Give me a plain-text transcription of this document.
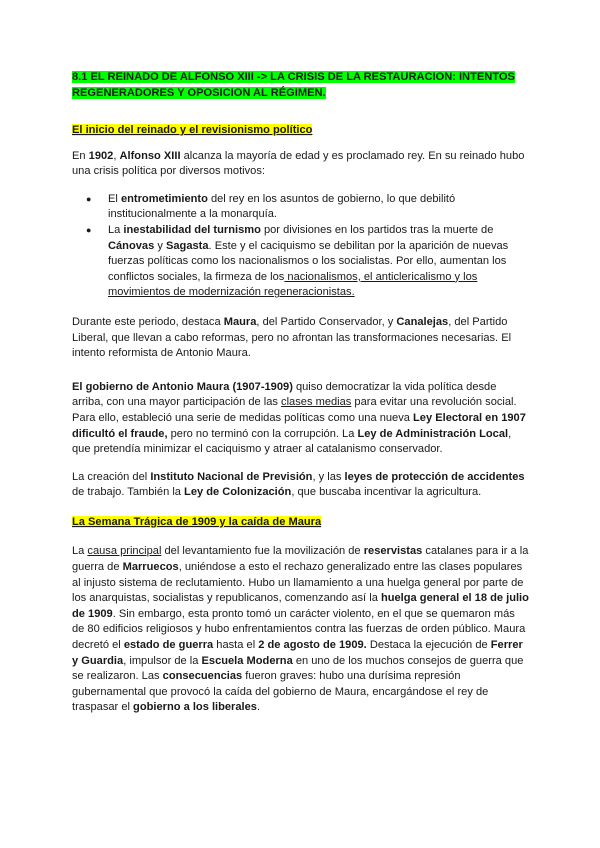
8.1 EL REINADO DE ALFONSO XIII -> LA CRISIS DE LA RESTAURACION: INTENTOS REGENERADORES Y OPOSICION AL RÉGIMEN.

El inicio del reinado y el revisionismo político

En 1902, Alfonso XIII alcanza la mayoría de edad y es proclamado rey. En su reinado hubo una crisis política por diversos motivos:

● El entrometimiento del rey en los asuntos de gobierno, lo que debilitó institucionalmente a la monarquía.
● La inestabilidad del turnismo por divisiones en los partidos tras la muerte de Cánovas y Sagasta. Este y el caciquismo se debilitan por la aparición de nuevas fuerzas políticas como los nacionalismos o los socialistas. Por ello, aumentan los conflictos sociales, la firmeza de los nacionalismos, el anticlericalismo y los movimientos de modernización regeneracionistas.

Durante este periodo, destaca Maura, del Partido Conservador, y Canalejas, del Partido Liberal, que llevan a cabo reformas, pero no afrontan las transformaciones necesarias. El intento reformista de Antonio Maura.

El gobierno de Antonio Maura (1907-1909) quiso democratizar la vida política desde arriba, con una mayor participación de las clases medias para evitar una revolución social. Para ello, estableció una serie de medidas políticas como una nueva Ley Electoral en 1907 dificultó el fraude, pero no terminó con la corrupción. La Ley de Administración Local, que pretendía minimizar el caciquismo y atraer al catalanismo conservador.

La creación del Instituto Nacional de Previsión, y las leyes de protección de accidentes de trabajo. También la Ley de Colonización, que buscaba incentivar la agricultura.

La Semana Trágica de 1909 y la caída de Maura

La causa principal del levantamiento fue la movilización de reservistas catalanes para ir a la guerra de Marruecos, uniéndose a esto el rechazo generalizado entre las clases populares al injusto sistema de reclutamiento. Hubo un llamamiento a una huelga general por parte de los anarquistas, socialistas y republicanos, comenzando así la huelga general el 18 de julio de 1909. Sin embargo, esta pronto tomó un carácter violento, en el que se quemaron más de 80 edificios religiosos y hubo enfrentamientos contra las fuerzas de orden público. Maura decretó el estado de guerra hasta el 2 de agosto de 1909. Destaca la ejecución de Ferrer y Guardia, impulsor de la Escuela Moderna en uno de los muchos consejos de guerra que se realizaron. Las consecuencias fueron graves: hubo una durísima represión gubernamental que provocó la caída del gobierno de Maura, encargándose el rey de traspasar el gobierno a los liberales.
